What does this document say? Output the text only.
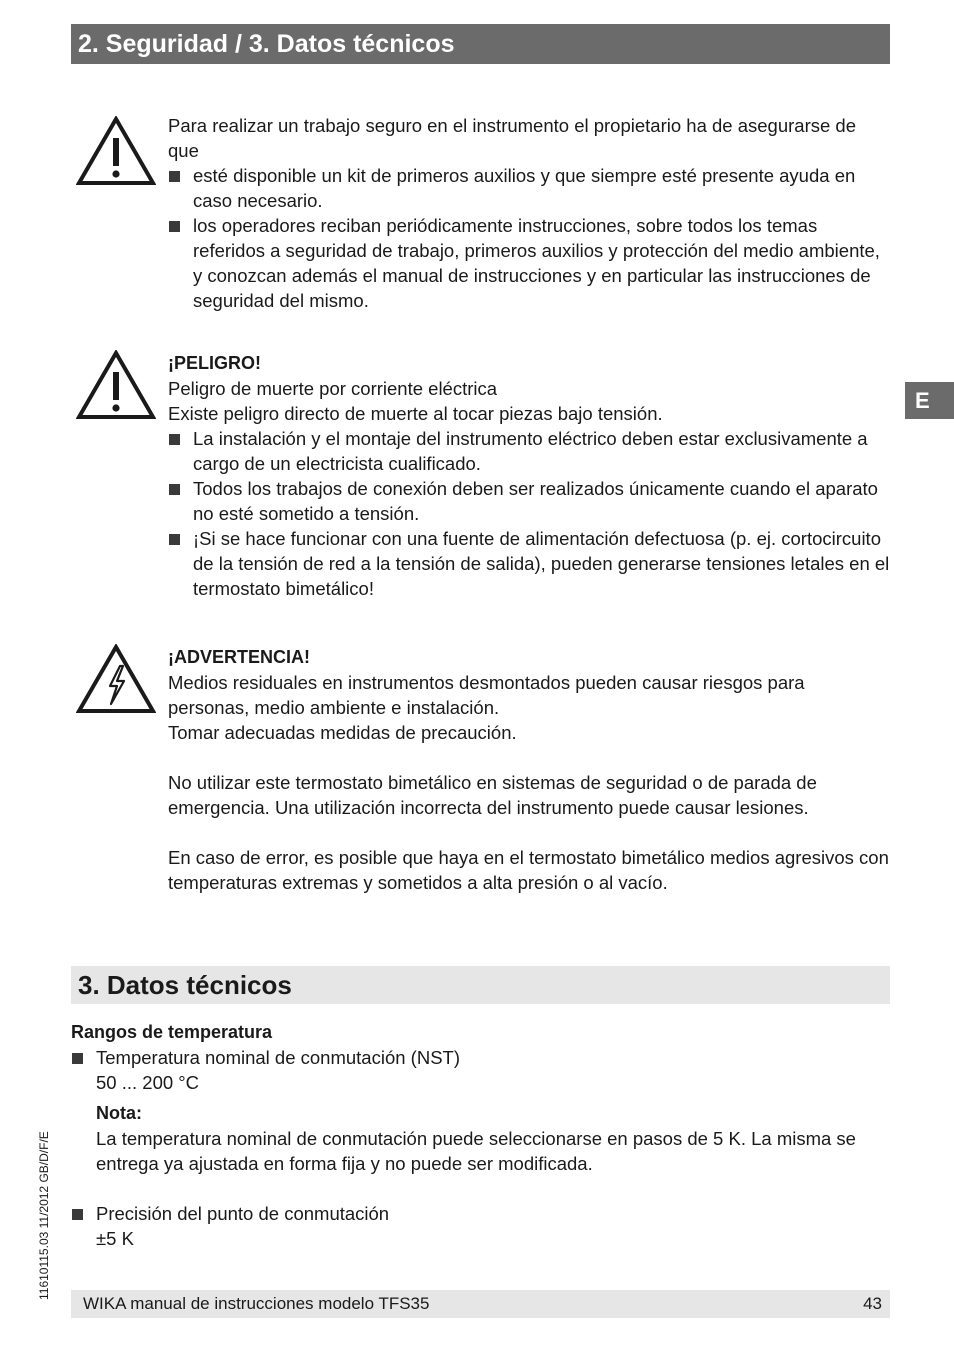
2. Seguridad / 3. Datos técnicos
E

Para realizar un trabajo seguro en el instrumento el propietario ha de asegurarse de que

esté disponible un kit de primeros auxilios y que siempre esté presente ayuda en caso necesario.

los operadores reciban periódicamente instrucciones, sobre todos los temas referidos a seguridad de trabajo, primeros auxilios y protección del medio ambiente, y conozcan además el manual de instrucciones y en particular las instrucciones de seguridad del mismo.

¡PELIGRO!

Peligro de muerte por corriente eléctrica

Existe peligro directo de muerte al tocar piezas bajo tensión.

La instalación y el montaje del instrumento eléctrico deben estar exclusivamente a cargo de un electricista cualificado.

Todos los trabajos de conexión deben ser realizados únicamente cuando el aparato no esté sometido a tensión.

¡Si se hace funcionar con una fuente de alimentación defectuosa (p. ej. cortocircuito de la tensión de red a la tensión de salida), pueden generarse tensiones letales en el termostato bimetálico!

¡ADVERTENCIA!

Medios residuales en instrumentos desmontados pueden causar riesgos para personas, medio ambiente e instalación.

Tomar adecuadas medidas de precaución.

No utilizar este termostato bimetálico en sistemas de seguridad o de parada de emergencia. Una utilización incorrecta del instrumento puede causar lesiones.

En caso de error, es posible que haya en el termostato bimetálico medios agresivos con temperaturas extremas y sometidos a alta presión o al vacío.

3. Datos técnicos

Rangos de temperatura

Temperatura nominal de conmutación (NST)

50 ... 200 °C

Nota:

La temperatura nominal de conmutación puede seleccionarse en pasos de 5 K. La misma se entrega ya ajustada en forma fija y no puede ser modificada.

Precisión del punto de conmutación

±5 K

11610115.03 11/2012 GB/D/F/E
WIKA manual de instrucciones modelo TFS35	43
